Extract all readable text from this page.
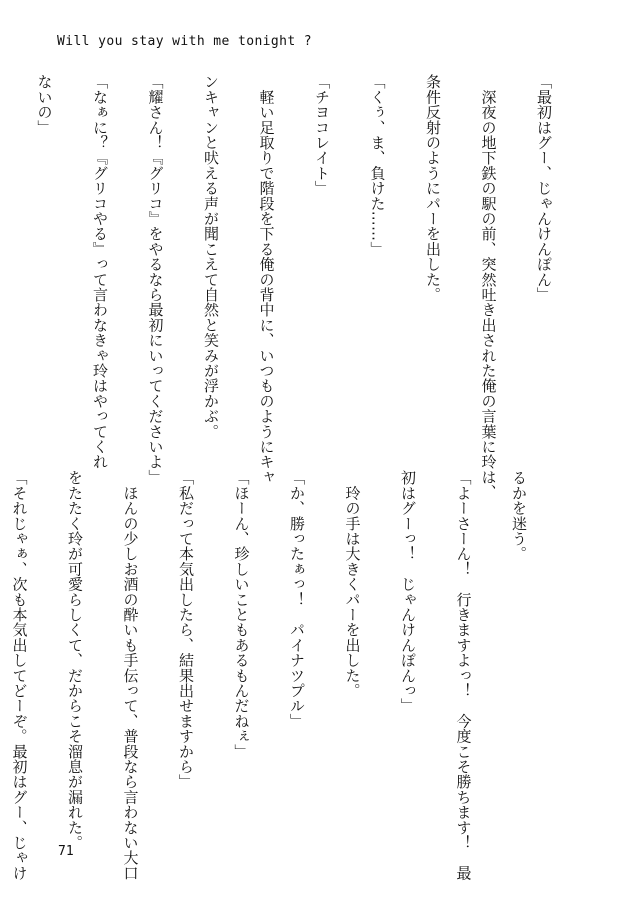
Will you stay with me tonight ?

「最初はグー、じゃんけんぽん」

　深夜の地下鉄の駅の前、突然吐き出された俺の言葉に玲は、

条件反射のようにパーを出した。

「くぅ、ま、負けた……」

「チヨコレイト」

　軽い足取りで階段を下る俺の背中に、いつものようにキャ

ンキャンと吠える声が聞こえて自然と笑みが浮かぶ。

「耀さん！『グリコ』をやるなら最初にいってくださいよ」

「なぁに？『グリコやる』って言わなきゃ玲はやってくれ

ないの」

るかを迷う。

「よーさーん！　行きますよっ！　今度こそ勝ちます！　最

初はグーっ！　じゃんけんぽんっ」

　玲の手は大きくパーを出した。

「か、勝ったぁっ！　パイナツプル」

「ほーん、珍しいこともあるもんだねぇ」

「私だって本気出したら、結果出せますから」

　ほんの少しお酒の酔いも手伝って、普段なら言わない大口

をたたく玲が可愛らしくて、だからこそ溜息が漏れた。

「それじゃぁ、次も本気出してどーぞ。最初はグー、じゃけ

71
